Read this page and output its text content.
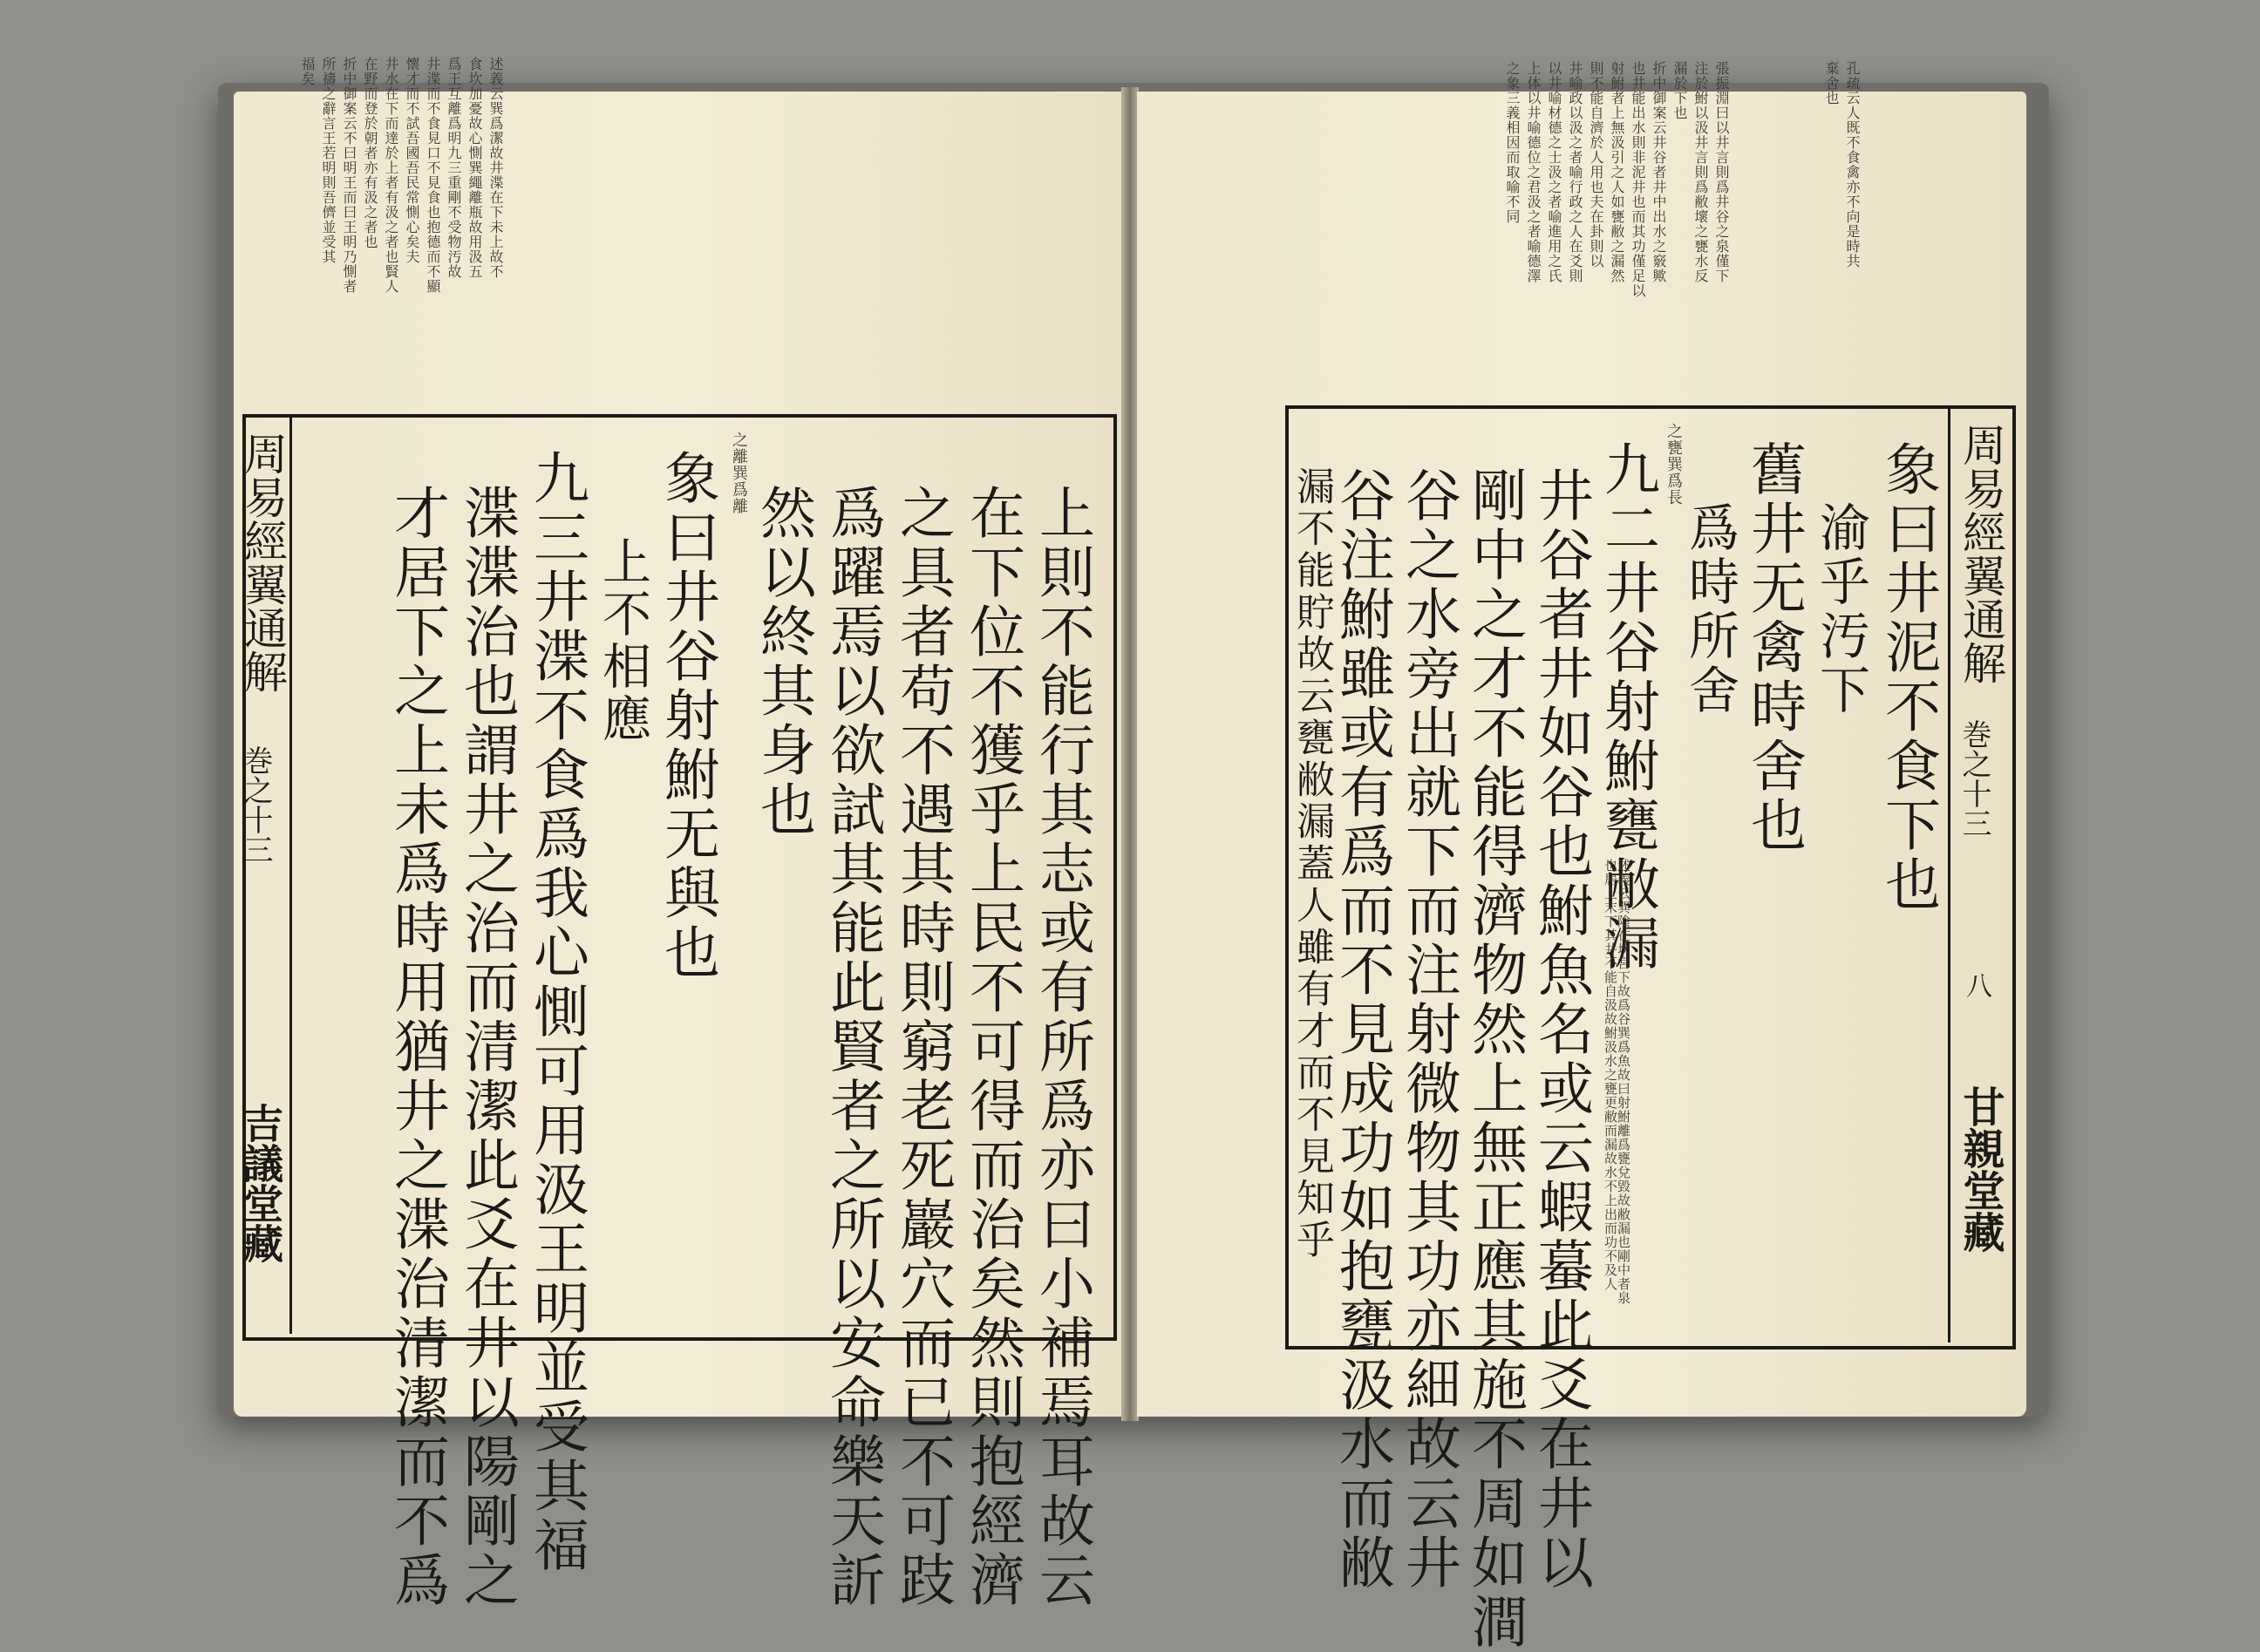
述義云巽爲潔故井渫在下未上故不
食坎加憂故心惻巽繩離瓶故用汲五
爲王互離爲明九三重剛不受物汚故
井渫而不食見口不見食也抱德而不顯
懷才而不試吾國吾民常惻心矣夫
井水在下而達於上者有汲之者也賢人
在野而登於朝者亦有汲之者也
折中御案云不曰明王而曰王明乃惻者
所禱之辭言王若明則吾儕並受其
福矣
上則不能行其志或有所爲亦曰小補焉耳故云
在下位不獲乎上民不可得而治矣然則抱經濟
之具者苟不遇其時則窮老死巖穴而已不可跂
爲躍焉以欲試其能此賢者之所以安命樂天訢
然以終其身也
之離巽爲離
象曰井谷射鮒无與也
上不相應
九三井渫不食爲我心惻可用汲王明並受其福
渫渫治也謂井之治而清潔此爻在井以陽剛之
才居下之上未爲時用猶井之渫治清潔而不爲
周易經翼通解
巻之十三
吉議堂藏
孔疏云人既不食禽亦不向是時共
棄舍也
張振淵曰以井言則爲井谷之泉僅下
注於鮒以汲井言則爲敝壞之甕水反
漏於下也
折中御案云井谷者井中出水之竅歟
也井能出水則非泥井也而其功僅足以
射鮒者上無汲引之人如甕敝之漏然
則不能自濟於人用也夫在卦則以
井喻政以汲之者喻行政之人在爻則
以井喻材德之士汲之者喻進用之氏
上体以井喻德位之君汲之者喻德澤
之象三義相因而取喻不同
周易經翼通解
巻之十三
八
甘親堂藏
象曰井泥不食下也
渝乎汚下
舊井无禽時舍也
爲時所舍
之甕巽爲長
九二井谷射鮒甕敝漏
井谷者井如谷也鮒魚名或云蝦蟇此爻在井以
剛中之才不能得濟物然上無正應其施不周如澗
谷之水旁出就下而注射微物其功亦細故云井
谷注鮒雖或有爲而不見成功如抱甕汲水而敝
漏不能貯故云甕敝漏蓋人雖有才而不見知乎	述義云巽陰在坎宮下故爲谷巽爲魚故曰射鮒離爲甕兌毀故敝漏也剛中者泉也居上末下其井不能自汲故鮒汲水之甕更敝而漏故水不上出而功不及人
